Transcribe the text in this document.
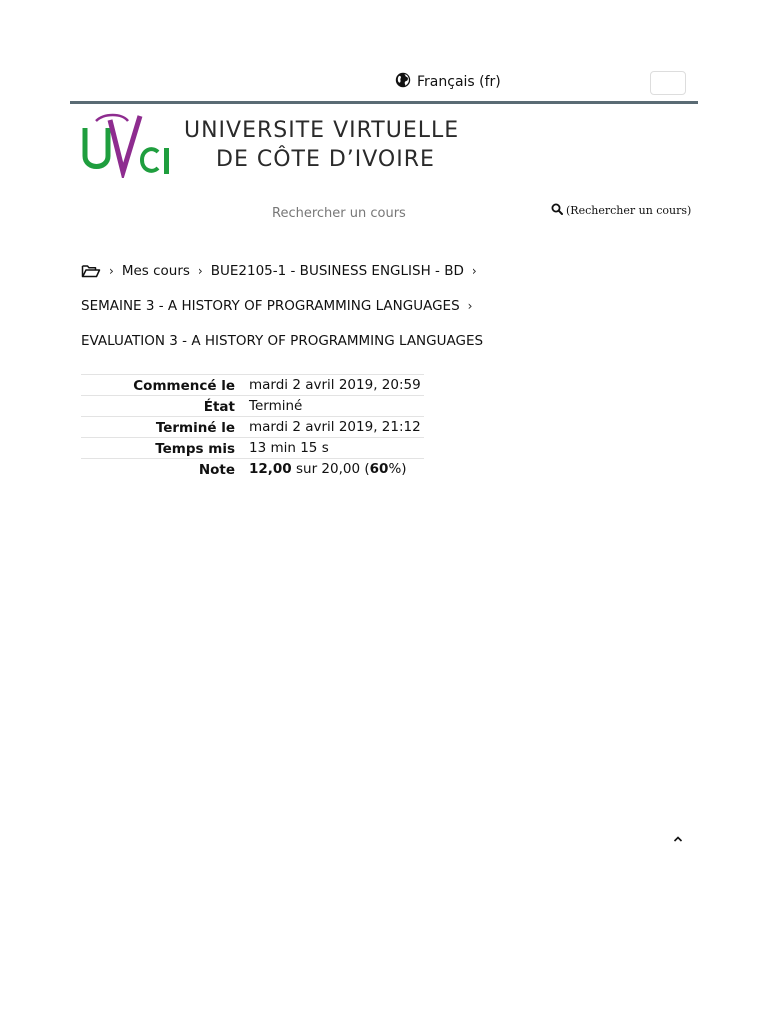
Français (fr)
UNIVERSITE VIRTUELLE
DE CÔTE D’IVOIRE
Rechercher un cours
(Rechercher un cours)
› Mes cours › BUE2105-1 - BUSINESS ENGLISH - BD ›
SEMAINE 3 - A HISTORY OF PROGRAMMING LANGUAGES ›
EVALUATION 3 - A HISTORY OF PROGRAMMING LANGUAGES
Commencé le	mardi 2 avril 2019, 20:59
État	Terminé
Terminé le	mardi 2 avril 2019, 21:12
Temps mis	13 min 15 s
Note	12,00 sur 20,00 (60%)
